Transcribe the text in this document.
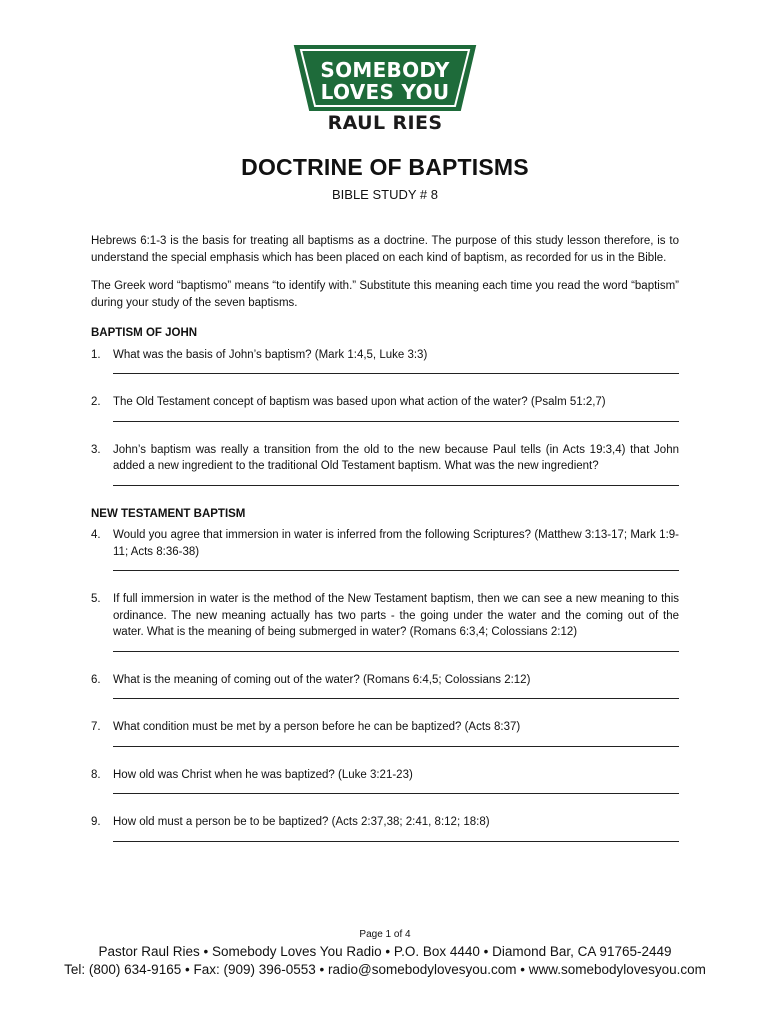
SOMEBODY
LOVES YOU
RAUL RIES
DOCTRINE OF BAPTISMS
BIBLE STUDY # 8

Hebrews 6:1-3 is the basis for treating all baptisms as a doctrine. The purpose of this study lesson therefore, is to understand the special emphasis which has been placed on each kind of baptism, as recorded for us in the Bible.

The Greek word “baptismo” means “to identify with.” Substitute this meaning each time you read the word “baptism” during your study of the seven baptisms.

BAPTISM OF JOHN
1.	What was the basis of John’s baptism? (Mark 1:4,5, Luke 3:3)
2.	The Old Testament concept of baptism was based upon what action of the water? (Psalm 51:2,7)
3.	John’s baptism was really a transition from the old to the new because Paul tells (in Acts 19:3,4) that John added a new ingredient to the traditional Old Testament baptism. What was the new ingredient?
NEW TESTAMENT BAPTISM
4.	Would you agree that immersion in water is inferred from the following Scriptures? (Matthew 3:13-17; Mark 1:9-11; Acts 8:36-38)
5.	If full immersion in water is the method of the New Testament baptism, then we can see a new meaning to this ordinance. The new meaning actually has two parts - the going under the water and the coming out of the water. What is the meaning of being submerged in water? (Romans 6:3,4; Colossians 2:12)
6.	What is the meaning of coming out of the water? (Romans 6:4,5; Colossians 2:12)
7.	What condition must be met by a person before he can be baptized? (Acts 8:37)
8.	How old was Christ when he was baptized? (Luke 3:21-23)
9.	How old must a person be to be baptized? (Acts 2:37,38; 2:41, 8:12; 18:8)
Page 1 of 4
Pastor Raul Ries • Somebody Loves You Radio • P.O. Box 4440 • Diamond Bar, CA 91765-2449
Tel: (800) 634-9165 • Fax: (909) 396-0553 • radio@somebodylovesyou.com • www.somebodylovesyou.com
